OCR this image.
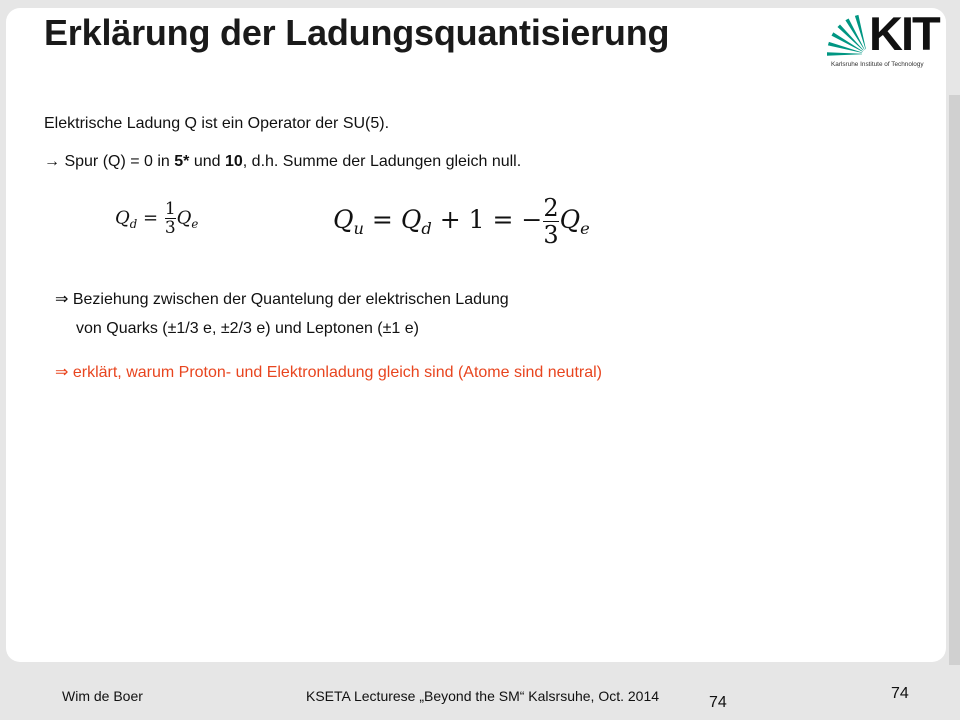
Erklärung der Ladungsquantisierung	KIT
Karlsruhe Institute of Technology
Elektrische Ladung Q ist ein Operator der SU(5).
→ Spur (Q) = 0 in 5* und 10, d.h. Summe der Ladungen gleich null.
$Q_d = \frac{1}{3} Q_e$	$Q_u = Q_d + 1$ = − $\frac{2}{3} Q_e$
⇒ Beziehung zwischen der Quantelung der elektrischen Ladung
von Quarks (±1/3 e, ±2/3 e) und Leptonen (±1 e)
⇒ erklärt, warum Proton- und Elektronladung gleich sind (Atome sind neutral)
Wim de Boer	KSETA Lecturese „Beyond the SM“ Kalsrsuhe, Oct. 2014	74
74
